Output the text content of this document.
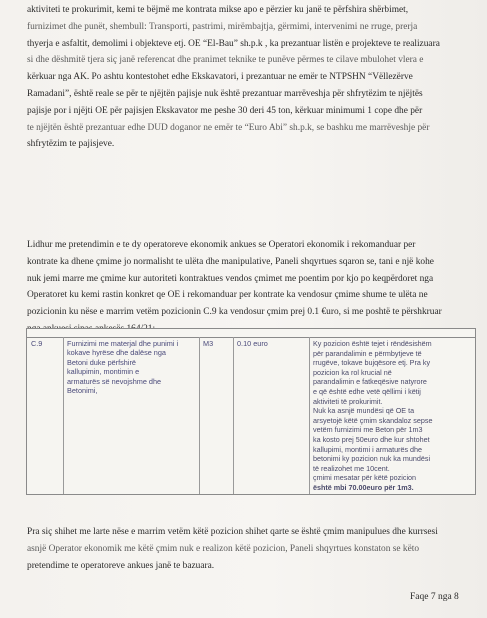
aktiviteti te prokurimit, kemi te bëjmë me kontrata mikse apo e përzier ku janë te përfshira shërbimet,
furnizimet dhe punët, shembull: Transporti, pastrimi, mirëmbajtja, gërmimi, intervenimi ne rruge, prerja
thyerja e asfaltit, demolimi i objekteve etj. OE “El-Bau” sh.p.k , ka prezantuar listën e projekteve te realizuara
si dhe dëshmitë tjera siç janë referencat dhe pranimet teknike te punëve përmes te cilave mbulohet vlera e
kërkuar nga AK. Po ashtu kontestohet edhe Ekskavatori, i prezantuar ne emër te NTPSHN “Vëllezërve
Ramadani”, është reale se për te njëjtën pajisje nuk është prezantuar marrëveshja për shfrytëzim te njëjtës
pajisje por i njëjti OE për pajisjen Ekskavator me peshe 30 deri 45 ton, kërkuar minimumi 1 cope dhe për
te njëjtën është prezantuar edhe DUD doganor ne emër te “Euro Abi” sh.p.k, se bashku me marrëveshje për
shfrytëzim te pajisjeve.
Lidhur me pretendimin e te dy operatoreve ekonomik ankues se Operatori ekonomik i rekomanduar per
kontrate ka dhene çmime jo normalisht te ulëta dhe manipulative, Paneli shqyrtues sqaron se, tani e një kohe
nuk jemi marre me çmime kur autoriteti kontraktues vendos çmimet me poentim por kjo po keqpërdoret nga
Operatoret ku kemi rastin konkret qe OE i rekomanduar per kontrate ka vendosur çmime shume te ulëta ne
pozicionin ku nëse e marrim vetëm pozicionin C.9 ka vendosur çmim prej 0.1 €uro, si me poshtë te përshkruar
C.9	Furnizimi me materjal dhe punimi i
kokave hyrëse dhe dalëse nga
Betoni duke përfshirë
kallupimin, montimin e
armaturës së nevojshme dhe
Betonimi,
M3	0.10 euro	Ky pozicion është tejet i rëndësishëm
për parandalimin e përmbytjeve të
rrugëve, tokave bujqësore etj. Pra ky
pozicion ka rol krucial në
parandalimin e fatkeqësive natyrore
e që është edhe vetë qëllimi i këtij
aktiviteti të prokurimit.
Nuk ka asnjë mundësi që OE ta
arsyetojë këtë çmim skandaloz sepse
vetëm furnizimi me Beton për 1m3
ka kosto prej 50euro dhe kur shtohet
kallupimi, montimi i armaturës dhe
betonimi ky pozicion nuk ka mundësi
të realizohet me 10cent.
çmimi mesatar për këtë pozicion
është mbi 70.00euro për 1m3.
Pra siç shihet me larte nëse e marrim vetëm këtë pozicion shihet qarte se është çmim manipulues dhe kurrsesi
asnjë Operator ekonomik me këtë çmim nuk e realizon këtë pozicion, Paneli shqyrtues konstaton se këto
pretendime te operatoreve ankues janë te bazuara.
Faqe 7 nga 8
